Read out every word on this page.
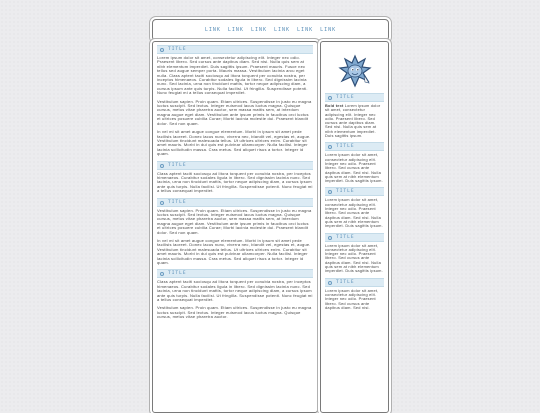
LINK LINK LINK LINK LINK LINK
TITLE

Lorem ipsum dolor sit amet, consectetur adipiscing elit. Integer nec odio. Praesent libero. Sed cursus ante dapibus diam. Sed nisi. Nulla quis sem at nibh elementum imperdiet. Duis sagittis ipsum. Praesent mauris. Fusce nec tellus sed augue semper porta. Mauris massa. Vestibulum lacinia arcu eget nulla. Class aptent taciti sociosqu ad litora torquent per conubia nostra, per inceptos himenaeos. Curabitur sodales ligula in libero. Sed dignissim lacinia nunc. Sed lacinia, urna non tincidunt mattis, tortor neque adipiscing diam, a cursus ipsum ante quis turpis. Nulla facilisi. Ut fringilla. Suspendisse potenti. Nunc feugiat mi a tellus consequat imperdiet.

Vestibulum sapien. Proin quam. Etiam ultrices. Suspendisse in justo eu magna luctus suscipit. Sed lectus. Integer euismod lacus luctus magna. Quisque cursus, metus vitae pharetra auctor, sem massa mattis sem, at interdum magna augue eget diam. Vestibulum ante ipsum primis in faucibus orci luctus et ultrices posuere cubilia Curae; Morbi lacinia molestie dui. Praesent blandit dolor. Sed non quam.

In vel mi sit amet augue congue elementum. Morbi in ipsum sit amet pede facilisis laoreet. Donec lacus nunc, viverra nec, blandit vel, egestas et, augue. Vestibulum tincidunt malesuada tellus. Ut ultrices ultrices enim. Curabitur sit amet mauris. Morbi in dui quis est pulvinar ullamcorper. Nulla facilisi. Integer lacinia sollicitudin massa. Cras metus. Sed aliquet risus a tortor. Integer id quam.

TITLE

Class aptent taciti sociosqu ad litora torquent per conubia nostra, per inceptos himenaeos. Curabitur sodales ligula in libero. Sed dignissim lacinia nunc. Sed lacinia, urna non tincidunt mattis, tortor neque adipiscing diam, a cursus ipsum ante quis turpis. Nulla facilisi. Ut fringilla. Suspendisse potenti. Nunc feugiat mi a tellus consequat imperdiet.

TITLE

Vestibulum sapien. Proin quam. Etiam ultrices. Suspendisse in justo eu magna luctus suscipit. Sed lectus. Integer euismod lacus luctus magna. Quisque cursus, metus vitae pharetra auctor, sem massa mattis sem, at interdum magna augue eget diam. Vestibulum ante ipsum primis in faucibus orci luctus et ultrices posuere cubilia Curae; Morbi lacinia molestie dui. Praesent blandit dolor. Sed non quam.

In vel mi sit amet augue congue elementum. Morbi in ipsum sit amet pede facilisis laoreet. Donec lacus nunc, viverra nec, blandit vel, egestas et, augue. Vestibulum tincidunt malesuada tellus. Ut ultrices ultrices enim. Curabitur sit amet mauris. Morbi in dui quis est pulvinar ullamcorper. Nulla facilisi. Integer lacinia sollicitudin massa. Cras metus. Sed aliquet risus a tortor. Integer id quam.

TITLE

Class aptent taciti sociosqu ad litora torquent per conubia nostra, per inceptos himenaeos. Curabitur sodales ligula in libero. Sed dignissim lacinia nunc. Sed lacinia, urna non tincidunt mattis, tortor neque adipiscing diam, a cursus ipsum ante quis turpis. Nulla facilisi. Ut fringilla. Suspendisse potenti. Nunc feugiat mi a tellus consequat imperdiet.

Vestibulum sapien. Proin quam. Etiam ultrices. Suspendisse in justo eu magna luctus suscipit. Sed lectus. Integer euismod lacus luctus magna. Quisque cursus, metus vitae pharetra auctor.

TITLE

Bold text Lorem ipsum dolor sit amet, consectetur adipiscing elit. Integer nec odio. Praesent libero. Sed cursus ante dapibus diam. Sed nisi. Nulla quis sem at nibh elementum imperdiet. Duis sagittis ipsum.

TITLE

Lorem ipsum dolor sit amet, consectetur adipiscing elit. Integer nec odio. Praesent libero. Sed cursus ante dapibus diam. Sed nisi. Nulla quis sem at nibh elementum imperdiet. Duis sagittis ipsum.

TITLE

Lorem ipsum dolor sit amet, consectetur adipiscing elit. Integer nec odio. Praesent libero. Sed cursus ante dapibus diam. Sed nisi. Nulla quis sem at nibh elementum imperdiet. Duis sagittis ipsum.

TITLE

Lorem ipsum dolor sit amet, consectetur adipiscing elit. Integer nec odio. Praesent libero. Sed cursus ante dapibus diam. Sed nisi. Nulla quis sem at nibh elementum imperdiet. Duis sagittis ipsum.

TITLE

Lorem ipsum dolor sit amet, consectetur adipiscing elit. Integer nec odio. Praesent libero. Sed cursus ante dapibus diam. Sed nisi.
